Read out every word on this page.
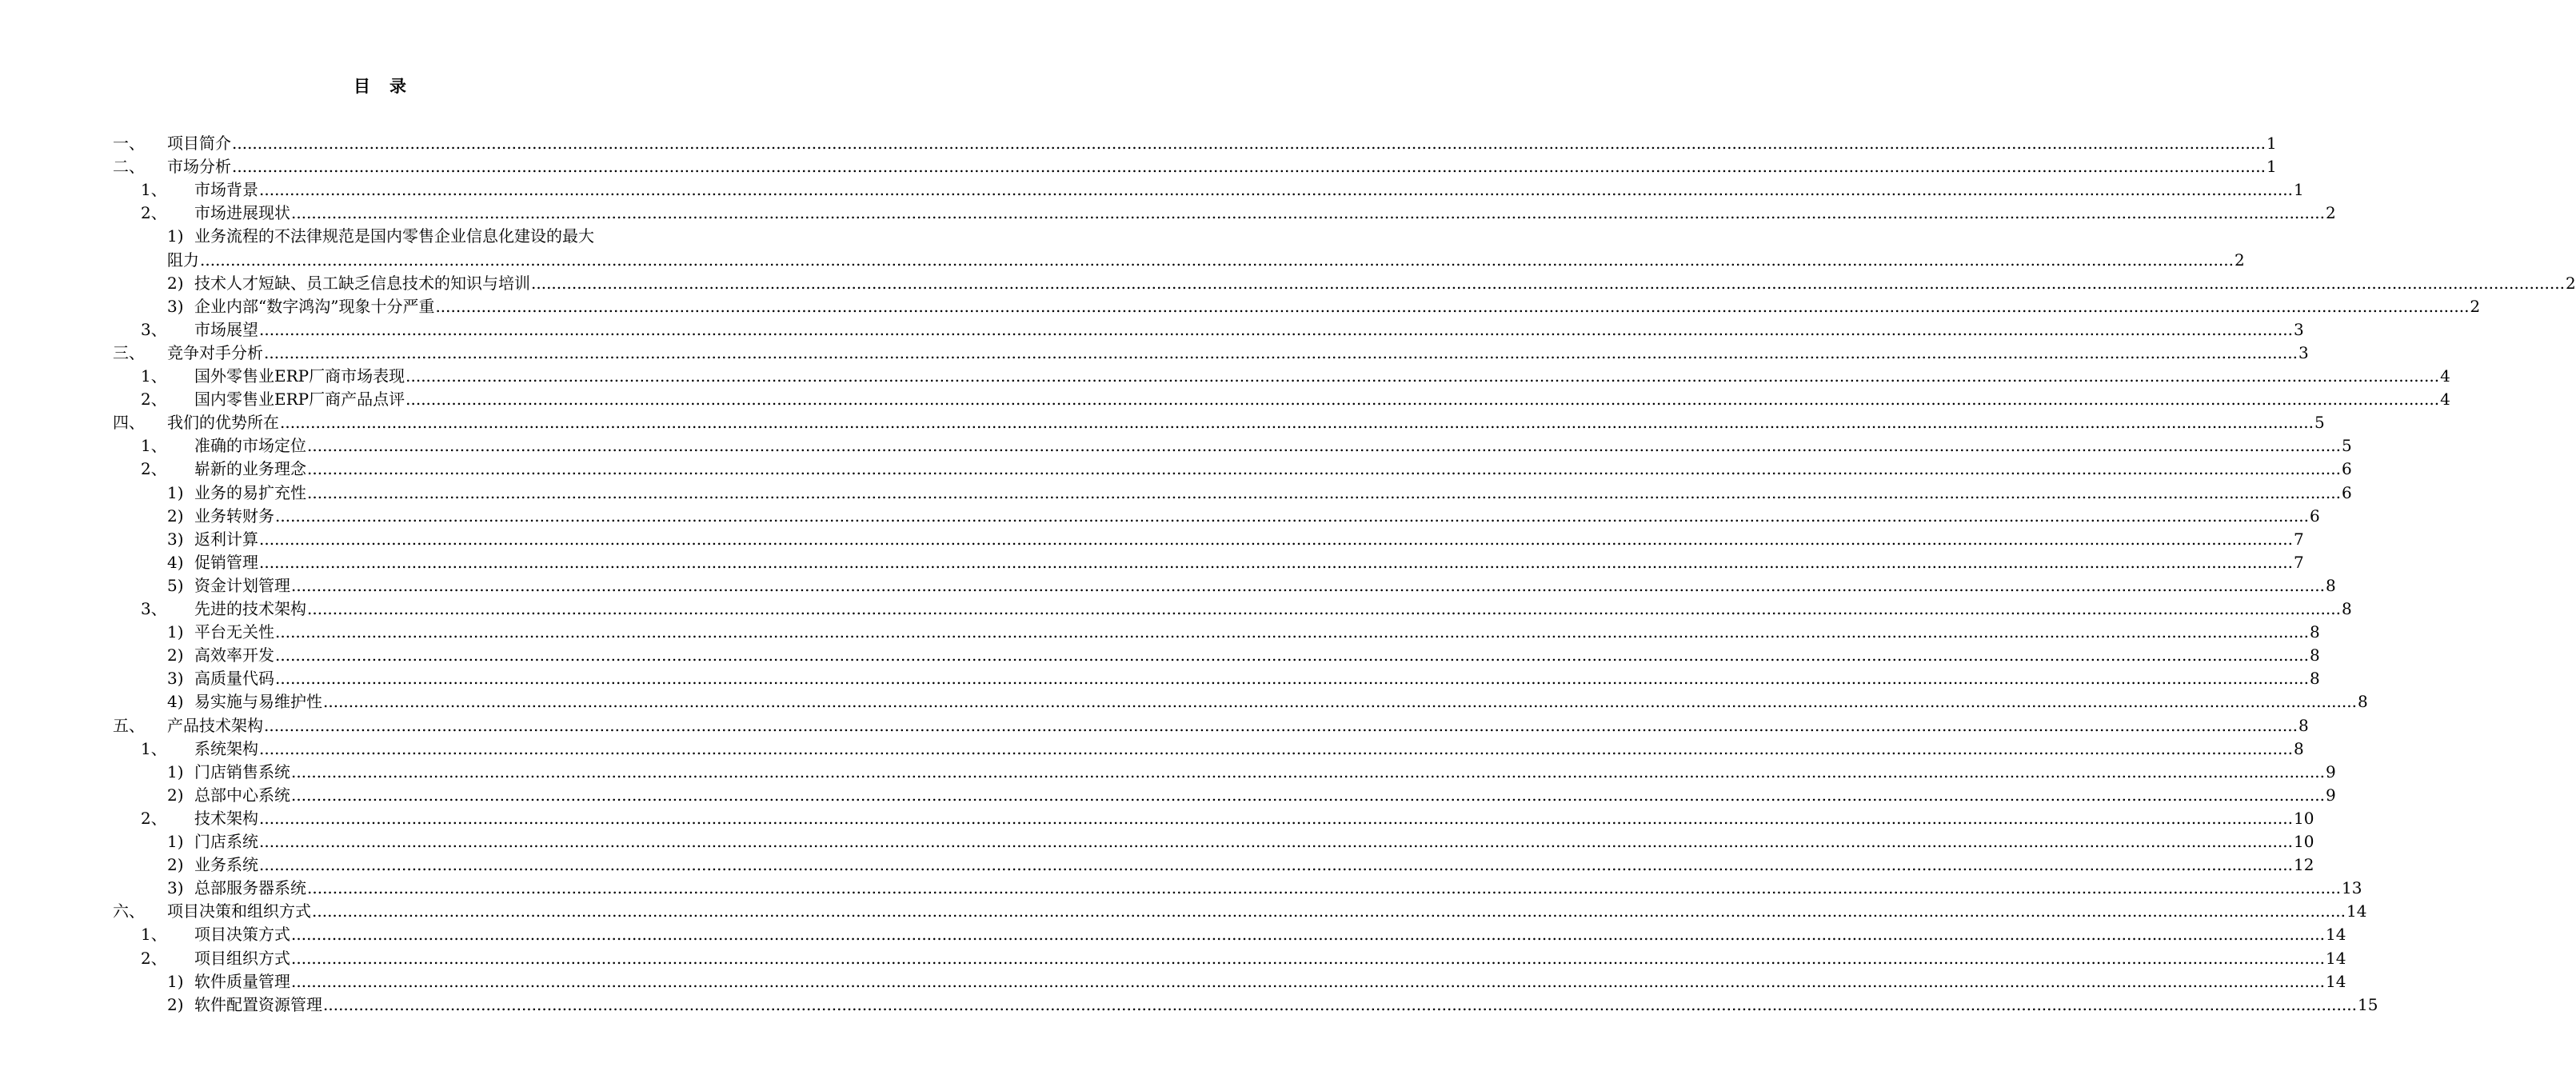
目录
一、 项目简介 ................................................................................................................................................................................................................................................................................................................................................................................................................ 1
二、 市场分析 ................................................................................................................................................................................................................................................................................................................................................................................................................ 1
1、 市场背景 ................................................................................................................................................................................................................................................................................................................................................................................................................ 1
2、 市场进展现状 ................................................................................................................................................................................................................................................................................................................................................................................................................ 2
1) 业务流程的不法律规范是国内零售企业信息化建设的最大
阻力 ................................................................................................................................................................................................................................................................................................................................................................................................................ 2
2) 技术人才短缺、员工缺乏信息技术的知识与培训 ................................................................................................................................................................................................................................................................................................................................................................................................................ 2
3) 企业内部“数字鸿沟”现象十分严重 ................................................................................................................................................................................................................................................................................................................................................................................................................ 2
3、 市场展望 ................................................................................................................................................................................................................................................................................................................................................................................................................ 3
三、 竞争对手分析 ................................................................................................................................................................................................................................................................................................................................................................................................................ 3
1、 国外零售业ERP厂商市场表现 ................................................................................................................................................................................................................................................................................................................................................................................................................ 4
2、 国内零售业ERP厂商产品点评 ................................................................................................................................................................................................................................................................................................................................................................................................................ 4
四、 我们的优势所在 ................................................................................................................................................................................................................................................................................................................................................................................................................ 5
1、 准确的市场定位 ................................................................................................................................................................................................................................................................................................................................................................................................................ 5
2、 崭新的业务理念 ................................................................................................................................................................................................................................................................................................................................................................................................................ 6
1) 业务的易扩充性 ................................................................................................................................................................................................................................................................................................................................................................................................................ 6
2) 业务转财务 ................................................................................................................................................................................................................................................................................................................................................................................................................ 6
3) 返利计算 ................................................................................................................................................................................................................................................................................................................................................................................................................ 7
4) 促销管理 ................................................................................................................................................................................................................................................................................................................................................................................................................ 7
5) 资金计划管理 ................................................................................................................................................................................................................................................................................................................................................................................................................ 8
3、 先进的技术架构 ................................................................................................................................................................................................................................................................................................................................................................................................................ 8
1) 平台无关性 ................................................................................................................................................................................................................................................................................................................................................................................................................ 8
2) 高效率开发 ................................................................................................................................................................................................................................................................................................................................................................................................................ 8
3) 高质量代码 ................................................................................................................................................................................................................................................................................................................................................................................................................ 8
4) 易实施与易维护性 ................................................................................................................................................................................................................................................................................................................................................................................................................ 8
五、 产品技术架构 ................................................................................................................................................................................................................................................................................................................................................................................................................ 8
1、 系统架构 ................................................................................................................................................................................................................................................................................................................................................................................................................ 8
1) 门店销售系统 ................................................................................................................................................................................................................................................................................................................................................................................................................ 9
2) 总部中心系统 ................................................................................................................................................................................................................................................................................................................................................................................................................ 9
2、 技术架构 ................................................................................................................................................................................................................................................................................................................................................................................................................ 10
1) 门店系统 ................................................................................................................................................................................................................................................................................................................................................................................................................ 10
2) 业务系统 ................................................................................................................................................................................................................................................................................................................................................................................................................ 12
3) 总部服务器系统 ................................................................................................................................................................................................................................................................................................................................................................................................................ 13
六、 项目决策和组织方式 ................................................................................................................................................................................................................................................................................................................................................................................................................ 14
1、 项目决策方式 ................................................................................................................................................................................................................................................................................................................................................................................................................ 14
2、 项目组织方式 ................................................................................................................................................................................................................................................................................................................................................................................................................ 14
1) 软件质量管理 ................................................................................................................................................................................................................................................................................................................................................................................................................ 14
2) 软件配置资源管理 ................................................................................................................................................................................................................................................................................................................................................................................................................ 15
